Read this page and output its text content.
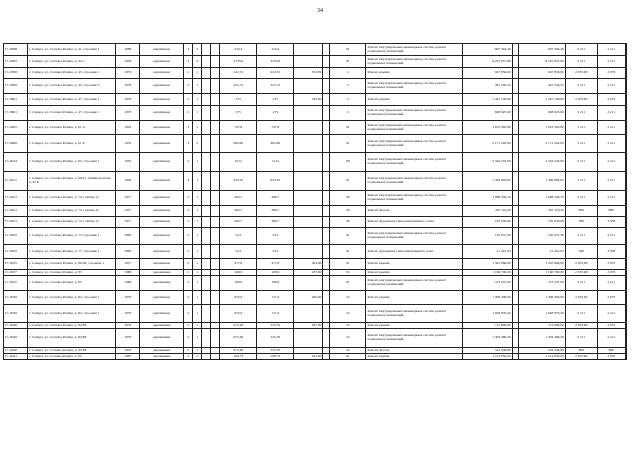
34
Г1-8598	г. Самара, ул. Степана Разина, д. 41, строение 1	1888	кирпичные	3	2			410,4	410,4			91	Ремонт внутридомовых инженерных систем, ремонт подвальных помещений	907 394,40		907 394,40	2 211	2 211	
Г1-8595	г. Самара, ул. Степана Разина, д. 44 а	1956	кирпичные	3	4			3733,9	3733,9			91	Ремонт внутридомовых инженерных систем, ремонт подвальных помещений	8 255 651,80		8 255 651,80	2 211	2 211	
Г1-8598	г. Самара, ул. Степана Разина, д. 45, строение 1	1876	кирпичные	2	1			222,72	222,72	353,09		2	Ремонт крыши	947 850,00		947 850,00	2 670,00	2 670	
Г1-8599	г. Самара, ул. Степана Разина, д. 45, строение 3	1876	кирпичные	2	1			222,72	222,72			2	Ремонт внутридомовых инженерных систем, ремонт подвальных помещений	491 540,52		491 540,52	2 211	2 211	
Г1-8601	г. Самара, ул. Степана Разина, д. 47, строение 1	1878	кирпичные	2	1			275	275	542,00		2	Ремонт крыши	1 447 140,00		1 447 140,00	2 670,00	2 670	
Г1-8601	г. Самара, ул. Степана Разина, д. 47, строение 1	1878	кирпичные	2	1			275	275			2	Ремонт внутридомовых инженерных систем, ремонт подвальных помещений	608 025,00		608 025,00	2 211	2 211	
Г1-8405	г. Самара, ул. Степана Разина, д. 61 А	1952	кирпичные	3	1			747,8	747,8			91	Ремонт внутридомовых инженерных систем, ремонт подвальных помещений	1 653 385,80		1 653 385,80	2 211	2 211	
Г1-8408	г. Самара, ул. Степана Разина, д. 61 Б	1952	кирпичные	3	2			982,00	982,00			91	Ремонт внутридомовых инженерных систем, ремонт подвальных помещений	2 171 202,00		2 171 202,00	2 211	2 211	
Г1-8413	г. Самара, ул. Степана Разина, д. 65, строение 1	1952	кирпичные	2	1			1612	1212			68	Ремонт внутридомовых инженерных систем, ремонт подвальных помещений	2 344 233,00		2 344 233,00	2 211	2 211	
Г1-8417	г. Самара, ул. Степана Разина, д. 69/ул. Ленинградская, д. 20 Б	1939	кирпичные	4	1			633,35	633,35			91	Ремонт внутридомовых инженерных систем, ремонт подвальных помещений	1 399 894,65		1 399 894,65	2 211	2 211	
Г1-8421	г. Самара, ул. Степана Разина, д. 73 а литера Д	1917	кирпичные	2	1			492,7	489,7			39	Ремонт внутридомовых инженерных систем, ремонт подвальных помещений	1 088 339,70		1 088 339,70	2 211	2 211	
Г1-8421	г. Самара, ул. Степана Разина, д. 73 а литера Д	1917	кирпичные	2	1			492,7	489,7			39	Ремонт фасада	397 116,20		397 116,20	806	806	
Г1-8421	г. Самара, ул. Степана Разина, д. 73 а литера Д	1917	кирпичные	2	1			492,7	489,7			39	Ремонт фундамента многоквартирного дома	195 030,66		195 030,66	396	3 958	
Г1-8425	г. Самара, ул. Степана Разина, д. 73, строение 1	1890	кирпичные	2	1			54,3	54,3			91	Ремонт внутридомовых инженерных систем, ремонт подвальных помещений	120 057,30		120 057,30	2 211	2 211	
Г1-8425	г. Самара, ул. Степана Разина, д. 77, строение 1	1890	кирпичные	2	1			54,3	54,3			91	Ремонт фундамента многоквартирного дома	21 491,94		21 491,94	396	3 958	
Г1-8435	г. Самара, ул. Степана Разина, д. 80-82, строение 1	1917	кирпичные	2	1			477,8	477,8	504,00		91	Ремонт крыши	1 345 680,00		1 345 680,00	2 670,00	2 670	
Г1-8437	г. Самара, ул. Степана Разина, д. 83	1888	деревянные	2	1			168,9	168,9	437,00		91	Ремонт крыши	1 166 790,00		1 166 790,00	2 670,00	2 670	
Г1-8437	г. Самара, ул. Степана Разина, д. 83	1888	деревянные	2	1			168,9	168,9			91	Ремонт внутридомовых инженерных систем, ремонт подвальных помещений	373 437,90		373 437,90	2 211	2 211	
Г1-8439	г. Самара, ул. Степана Разина, д. 84, строение 1	1879	кирпичные	2	1			872,6	171,6	490,00		22	Ремонт крыши	1 308 300,00		1 308 300,00	2 670,00	2 670	
Г1-8439	г. Самара, ул. Степана Разина, д. 84, строение 1	1879	кирпичные	2	1			872,6	171,6			22	Ремонт внутридомовых инженерных систем, ремонт подвальных помещений	1 928 876,40		1 928 876,40	2 211	2 211	
Г1-8440	г. Самара, ул. Степана Разина, д. 84 ВГ	1879	деревянные	2	1			675,48	225,76	267,00		22	Ремонт крыши	712 890,00		712 890,00	2 670,00	2 670	
Г1-8440	г. Самара, ул. Степана Разина, д. 84 ВГ	1879	деревянные	2	1			675,48	225,76			22	Ремонт внутридомовых инженерных систем, ремонт подвальных помещений	1 493 486,28		1 493 486,28	2 211	2 211	
Г1-8440	г. Самара, ул. Степана Разина, д. 84 ВГ	1879	деревянные	2	1			675,48	225,76			22	Ремонт фасада	544 436,88		544 436,88	806	806	
Г1-8441	г. Самара, ул. Степана Разина, д. 85	1887	деревянные	2	1			169,73	169,73	455,00		91	Ремонт крыши	1 214 850,00		1 214 850,00	2 670,00	2 670	
